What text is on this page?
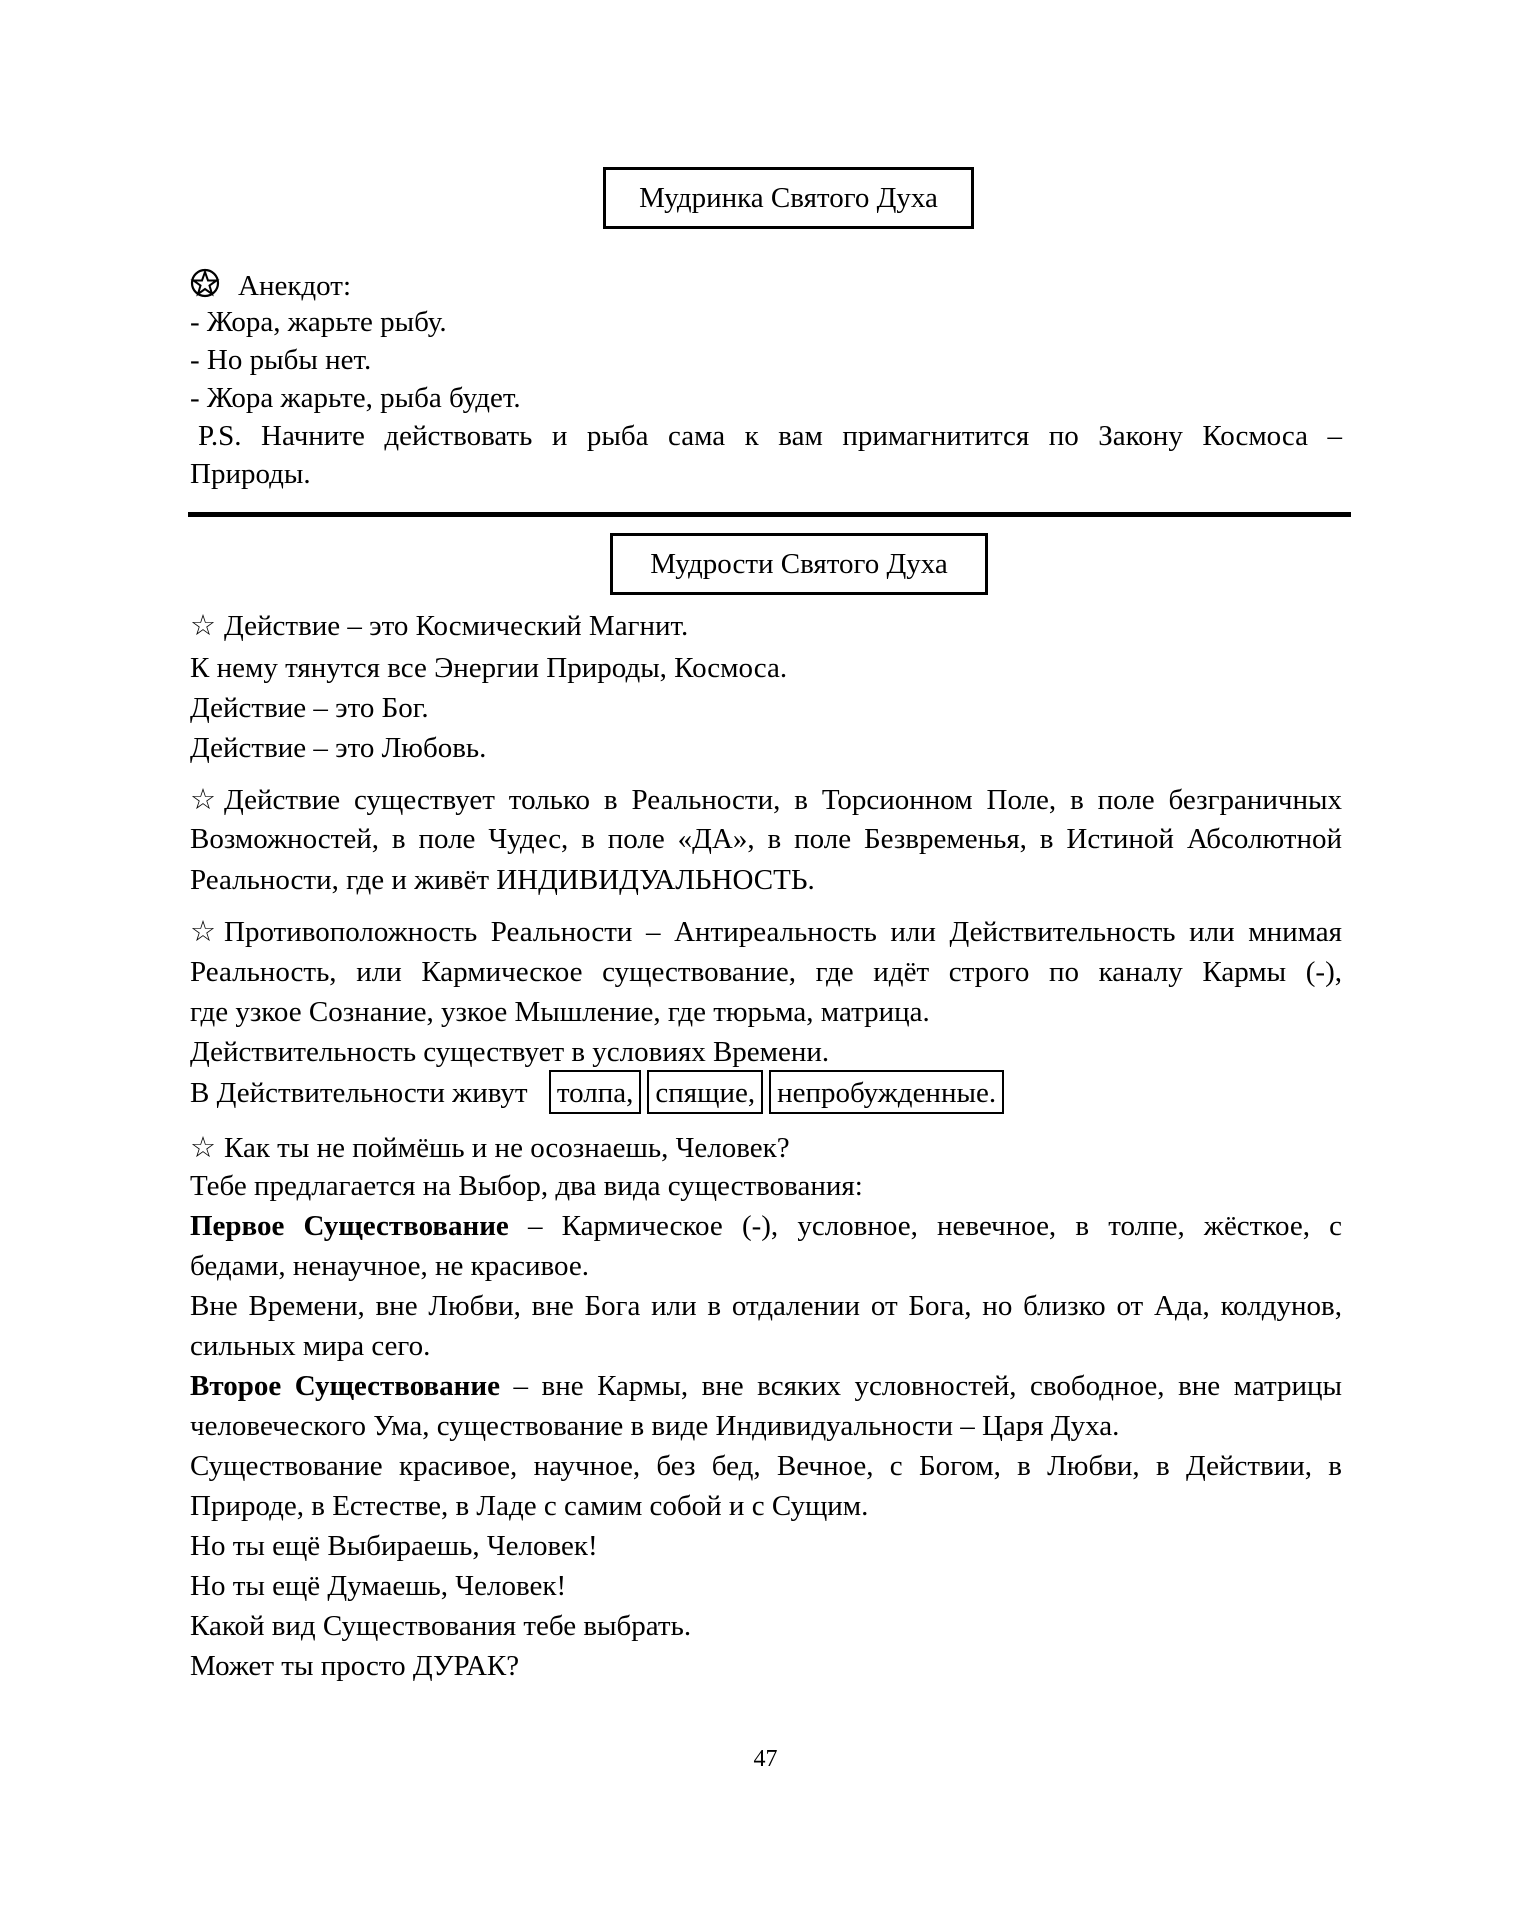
Мудринка Святого Духа
Анекдот:
- Жора, жарьте рыбу.
- Но рыбы нет.
- Жора жарьте, рыба будет.
P.S. Начните действовать и рыба сама к вам примагнитится по Закону Космоса –
Природы.
Мудрости Святого Духа
☆ Действие – это Космический Магнит.
К нему тянутся все Энергии Природы, Космоса.
Действие – это Бог.
Действие – это Любовь.
☆ Действие существует только в Реальности, в Торсионном Поле, в поле безграничных
Возможностей, в поле Чудес, в поле «ДА», в поле Безвременья, в Истиной Абсолютной
Реальности, где и живёт ИНДИВИДУАЛЬНОСТЬ.
☆ Противоположность Реальности – Антиреальность или Действительность или мнимая
Реальность, или Кармическое существование, где идёт строго по каналу Кармы (-),
где узкое Сознание, узкое Мышление, где тюрьма, матрица.
Действительность существует в условиях Времени.
В Действительности живут толпа, спящие, непробужденные.
☆ Как ты не поймёшь и не осознаешь, Человек?
Тебе предлагается на Выбор, два вида существования:
Первое Существование – Кармическое (-), условное, невечное, в толпе, жёсткое, с
бедами, ненаучное, не красивое.
Вне Времени, вне Любви, вне Бога или в отдалении от Бога, но близко от Ада, колдунов,
сильных мира сего.
Второе Существование – вне Кармы, вне всяких условностей, свободное, вне матрицы
человеческого Ума, существование в виде Индивидуальности – Царя Духа.
Существование красивое, научное, без бед, Вечное, с Богом, в Любви, в Действии, в
Природе, в Естестве, в Ладе с самим собой и с Сущим.
Но ты ещё Выбираешь, Человек!
Но ты ещё Думаешь, Человек!
Какой вид Существования тебе выбрать.
Может ты просто ДУРАК?
47
